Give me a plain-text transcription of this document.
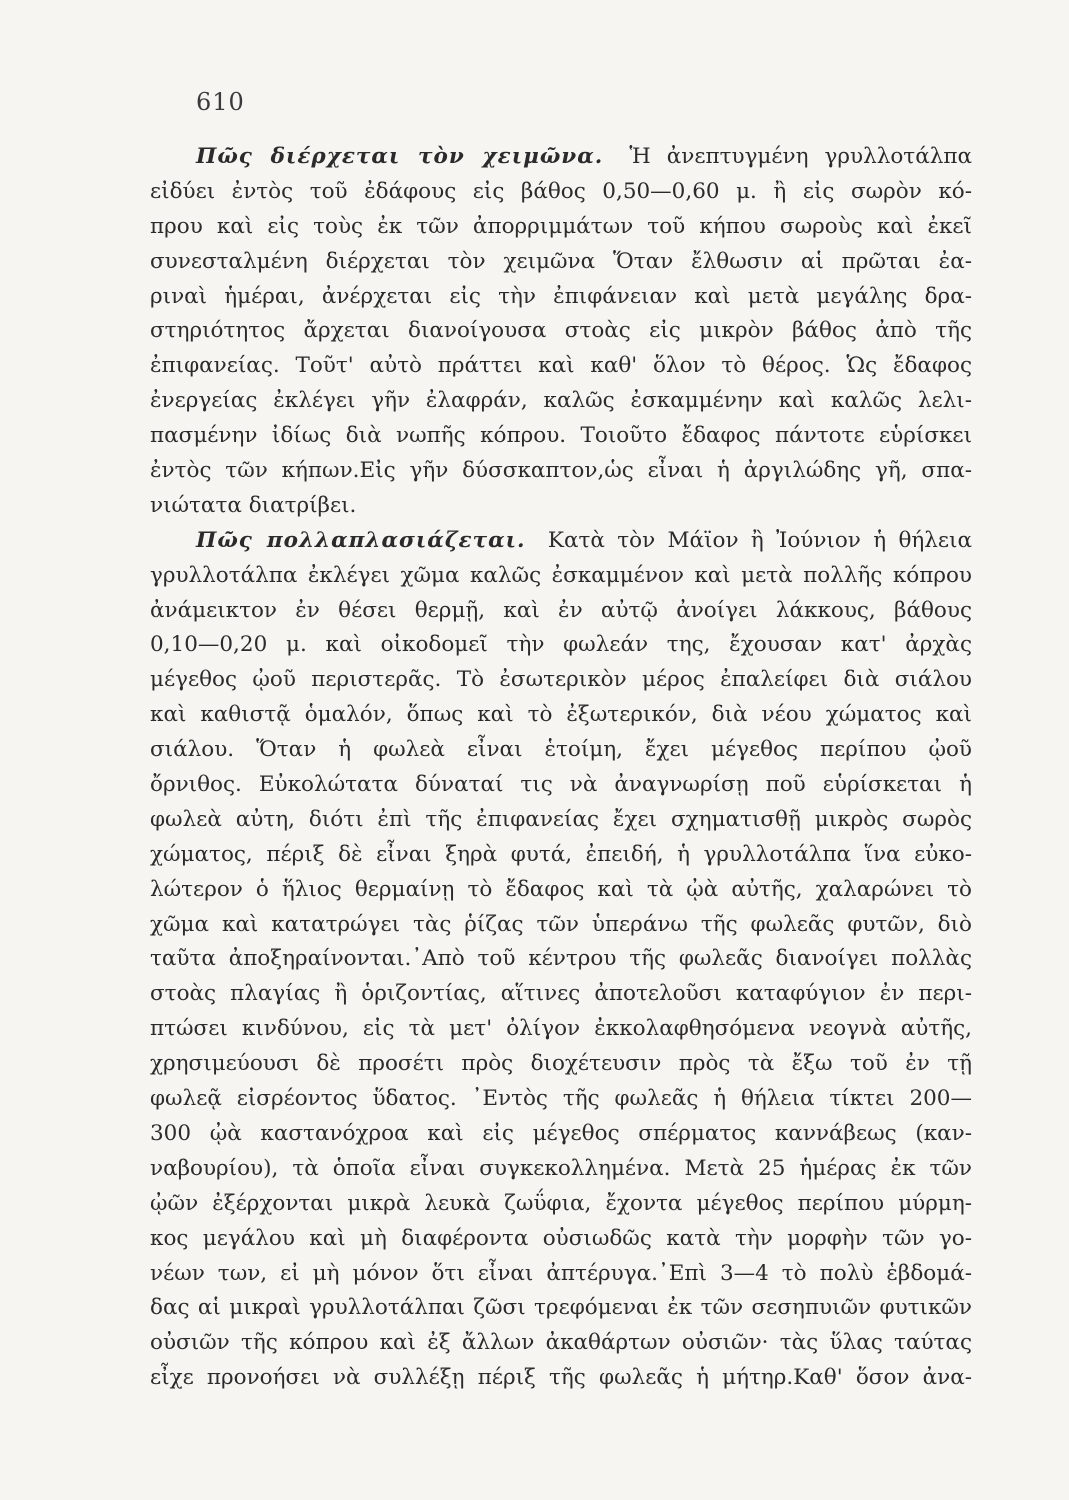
610
Πῶς διέρχεται τὸν χειμῶνα. Ἡ ἀνεπτυγμένη γρυλλοτάλπα
εἰδύει ἐντὸς τοῦ ἐδάφους εἰς βάθος 0,50—0,60 μ. ἢ εἰς σωρὸν κό-
πρου καὶ εἰς τοὺς ἐκ τῶν ἀπορριμμάτων τοῦ κήπου σωροὺς καὶ ἐκεῖ
συνεσταλμένη διέρχεται τὸν χειμῶνα Ὅταν ἔλθωσιν αἱ πρῶται ἐα-
ριναὶ ἡμέραι, ἀνέρχεται εἰς τὴν ἐπιφάνειαν καὶ μετὰ μεγάλης δρα-
στηριότητος ἄρχεται διανοίγουσα στοὰς εἰς μικρὸν βάθος ἀπὸ τῆς
ἐπιφανείας. Τοῦτ' αὐτὸ πράττει καὶ καθ' ὅλον τὸ θέρος. Ὡς ἔδαφος
ἐνεργείας ἐκλέγει γῆν ἐλαφράν, καλῶς ἐσκαμμένην καὶ καλῶς λελι-
πασμένην ἰδίως διὰ νωπῆς κόπρου. Τοιοῦτο ἔδαφος πάντοτε εὑρίσκει
ἐντὸς τῶν κήπων.Εἰς γῆν δύσσκαπτον,ὡς εἶναι ἡ ἀργιλώδης γῆ, σπα-
νιώτατα διατρίβει.
Πῶς πολλαπλασιάζεται. Κατὰ τὸν Μάϊον ἢ Ἰούνιον ἡ θήλεια
γρυλλοτάλπα ἐκλέγει χῶμα καλῶς ἐσκαμμένον καὶ μετὰ πολλῆς κόπρου
ἀνάμεικτον ἐν θέσει θερμῇ, καὶ ἐν αὐτῷ ἀνοίγει λάκκους, βάθους
0,10—0,20 μ. καὶ οἰκοδομεῖ τὴν φωλεάν της, ἔχουσαν κατ' ἀρχὰς
μέγεθος ᾠοῦ περιστερᾶς. Τὸ ἐσωτερικὸν μέρος ἐπαλείφει διὰ σιάλου
καὶ καθιστᾷ ὁμαλόν, ὅπως καὶ τὸ ἐξωτερικόν, διὰ νέου χώματος καὶ
σιάλου. Ὅταν ἡ φωλεὰ εἶναι ἑτοίμη, ἔχει μέγεθος περίπου ᾠοῦ
ὄρνιθος. Εὐκολώτατα δύναταί τις νὰ ἀναγνωρίσῃ ποῦ εὑρίσκεται ἡ
φωλεὰ αὐτη, διότι ἐπὶ τῆς ἐπιφανείας ἔχει σχηματισθῇ μικρὸς σωρὸς
χώματος, πέριξ δὲ εἶναι ξηρὰ φυτά, ἐπειδή, ἡ γρυλλοτάλπα ἵνα εὐκο-
λώτερον ὁ ἥλιος θερμαίνῃ τὸ ἔδαφος καὶ τὰ ᾠὰ αὐτῆς, χαλαρώνει τὸ
χῶμα καὶ κατατρώγει τὰς ῥίζας τῶν ὑπεράνω τῆς φωλεᾶς φυτῶν, διὸ
ταῦτα ἀποξηραίνονται.᾽Απὸ τοῦ κέντρου τῆς φωλεᾶς διανοίγει πολλὰς
στοὰς πλαγίας ἢ ὁριζοντίας, αἵτινες ἀποτελοῦσι καταφύγιον ἐν περι-
πτώσει κινδύνου, εἰς τὰ μετ' ὀλίγον ἐκκολαφθησόμενα νεογνὰ αὐτῆς,
χρησιμεύουσι δὲ προσέτι πρὸς διοχέτευσιν πρὸς τὰ ἔξω τοῦ ἐν τῇ
φωλεᾷ εἰσρέοντος ὕδατος. ᾽Εντὸς τῆς φωλεᾶς ἡ θήλεια τίκτει 200—
300 ᾠὰ καστανόχροα καὶ εἰς μέγεθος σπέρματος καννάβεως (καν-
ναβουρίου), τὰ ὁποῖα εἶναι συγκεκολλημένα. Μετὰ 25 ἡμέρας ἐκ τῶν
ᾠῶν ἐξέρχονται μικρὰ λευκὰ ζωΰφια, ἔχοντα μέγεθος περίπου μύρμη-
κος μεγάλου καὶ μὴ διαφέροντα οὐσιωδῶς κατὰ τὴν μορφὴν τῶν γο-
νέων των, εἰ μὴ μόνον ὅτι εἶναι ἀπτέρυγα.᾽Επὶ 3—4 τὸ πολὺ ἑβδομά-
δας αἱ μικραὶ γρυλλοτάλπαι ζῶσι τρεφόμεναι ἐκ τῶν σεσηπυιῶν φυτικῶν
οὐσιῶν τῆς κόπρου καὶ ἐξ ἄλλων ἀκαθάρτων οὐσιῶν· τὰς ὕλας ταύτας
εἶχε προνοήσει νὰ συλλέξῃ πέριξ τῆς φωλεᾶς ἡ μήτηρ.Καθ' ὅσον ἀνα-
